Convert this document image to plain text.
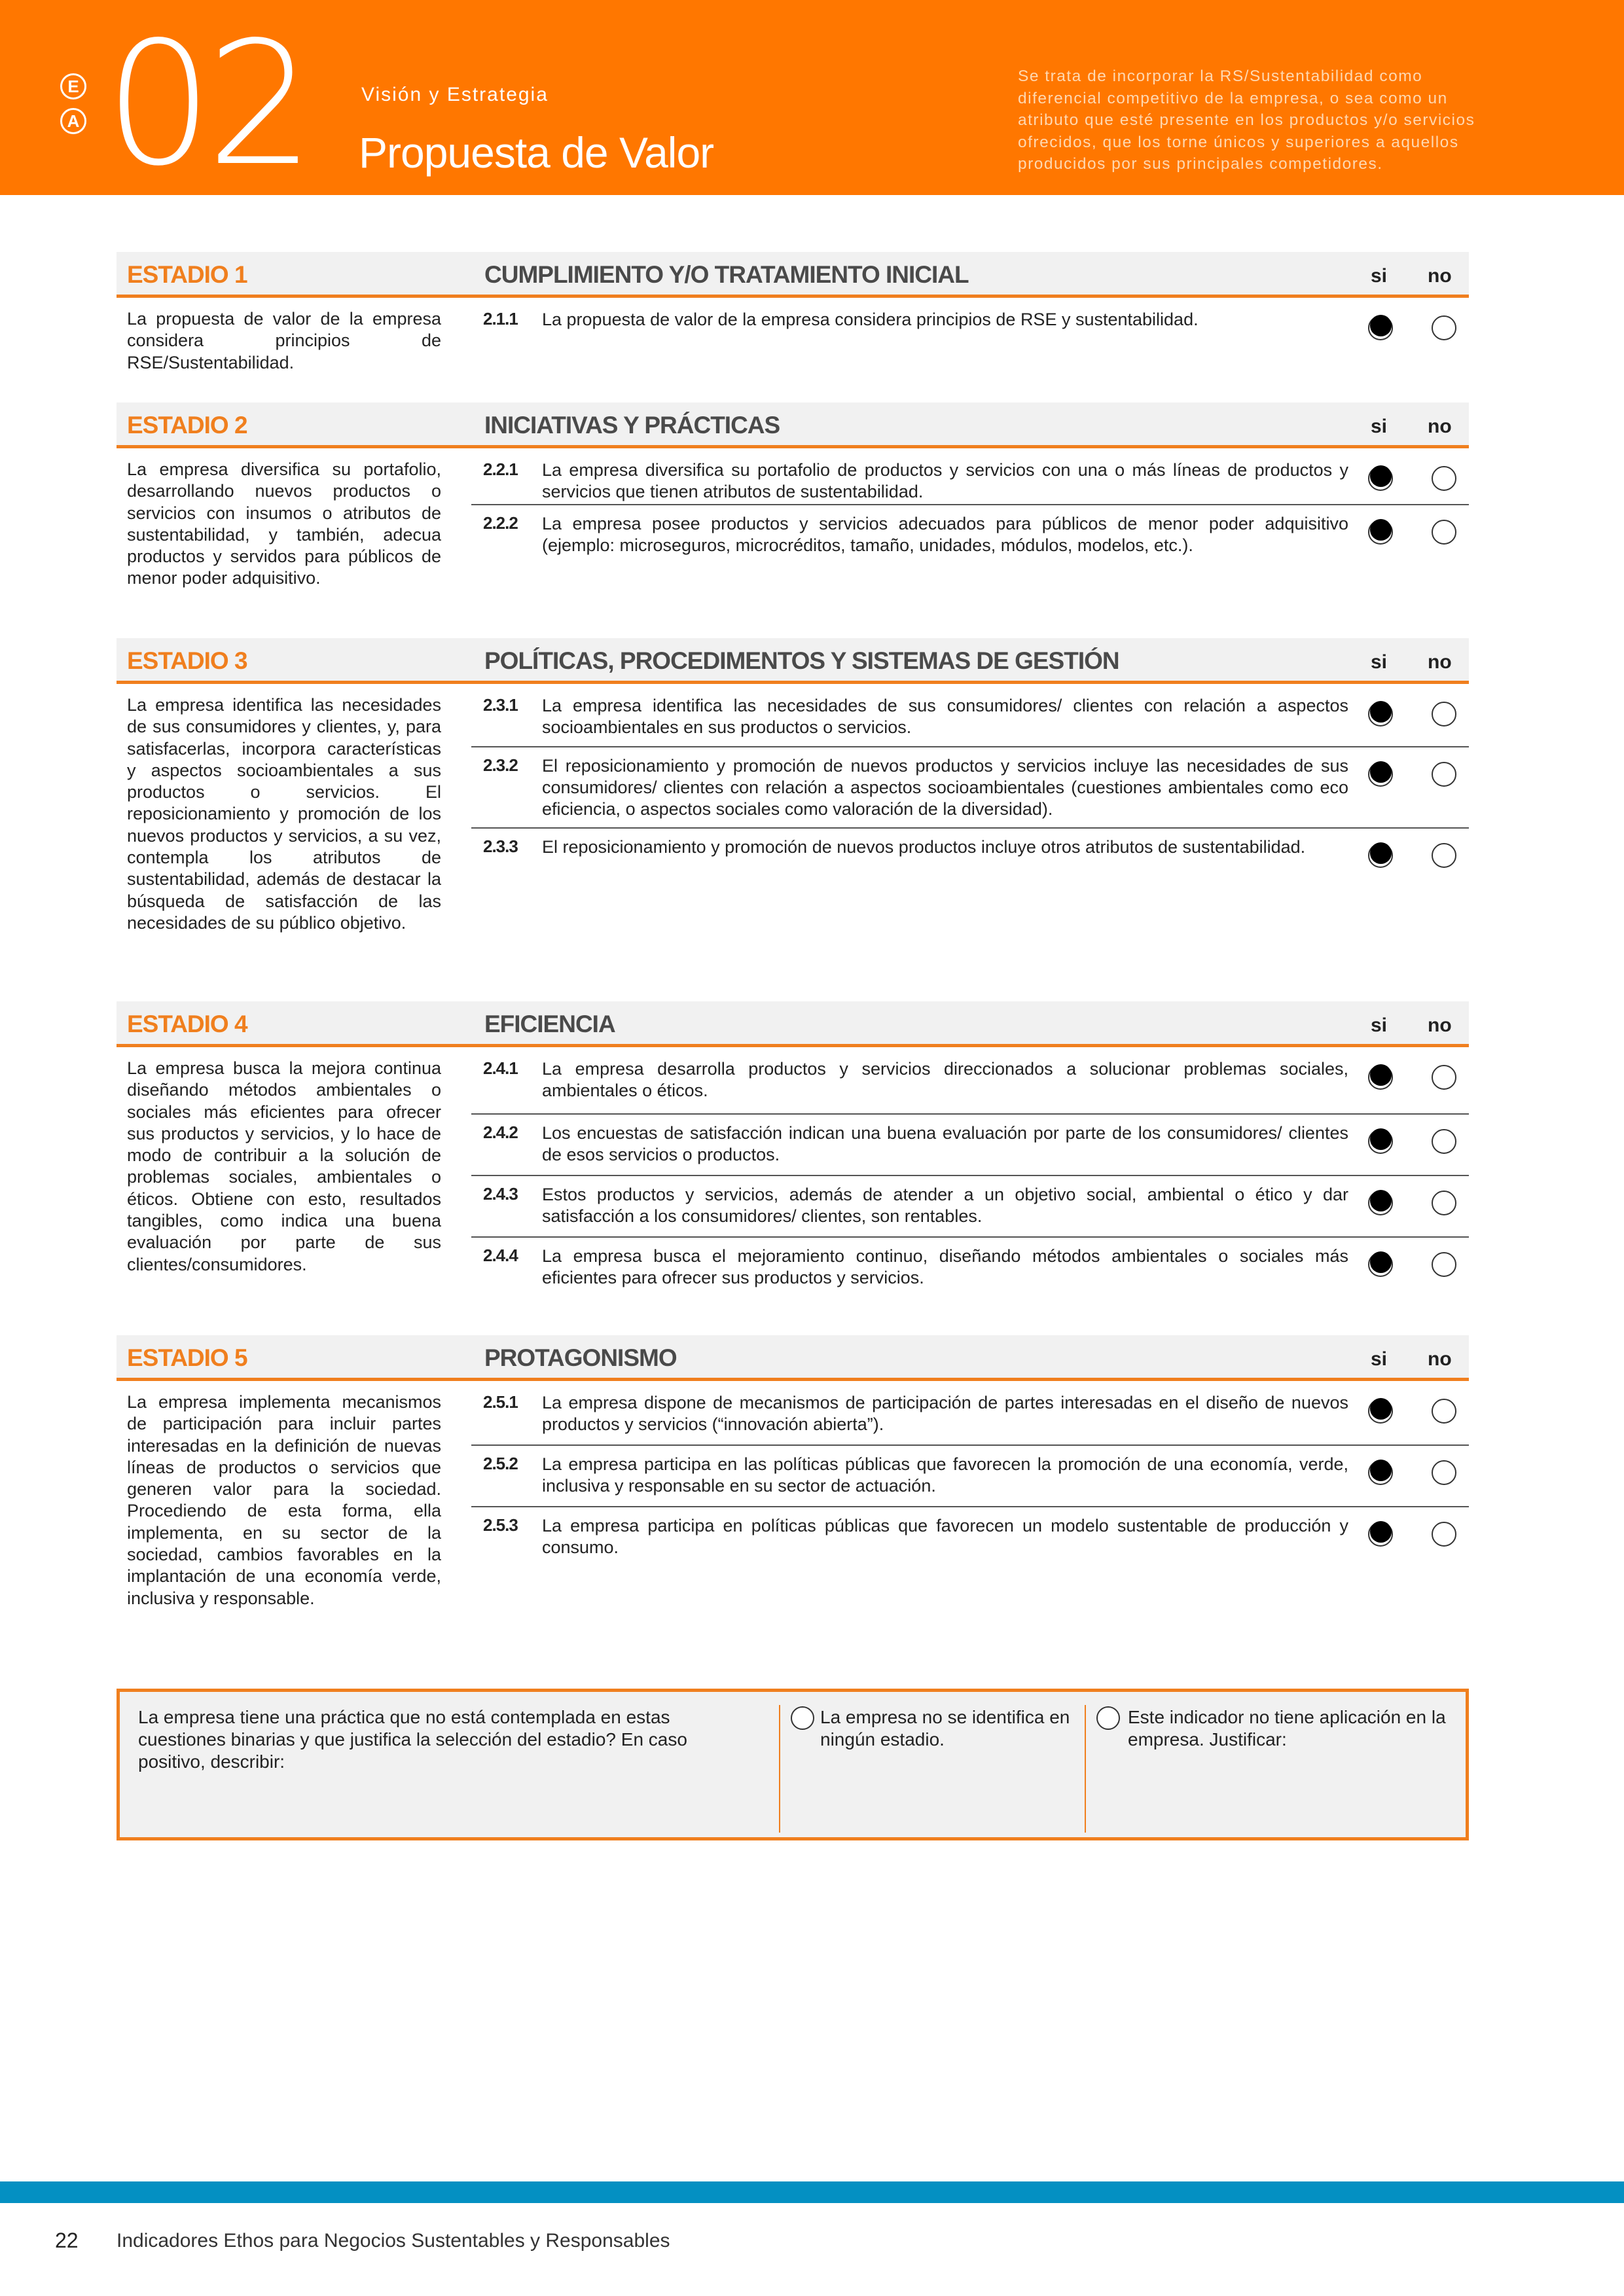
E
A 02	Visión y Estrategia
Propuesta de Valor
Se trata de incorporar la RS/Sustentabilidad como diferencial competitivo de la empresa, o sea como un atributo que esté presente en los productos y/o servicios ofrecidos, que los torne únicos y superiores a aquellos producidos por sus principales competidores.
ESTADIO 1	CUMPLIMIENTO Y/O TRATAMIENTO INICIAL	si no
La propuesta de valor de la empresa considera principios de RSE/Sustentabilidad.
2.1.1 La propuesta de valor de la empresa considera principios de RSE y sustentabilidad.
ESTADIO 2	INICIATIVAS Y PRÁCTICAS	si no
La empresa diversifica su portafolio, desarrollando nuevos productos o servicios con insumos o atributos de sustentabilidad, y también, adecua productos y servidos para públicos de menor poder adquisitivo.
2.2.1 La empresa diversifica su portafolio de productos y servicios con una o más líneas de productos y servicios que tienen atributos de sustentabilidad.
2.2.2 La empresa posee productos y servicios adecuados para públicos de menor poder adquisitivo (ejemplo: microseguros, microcréditos, tamaño, unidades, módulos, modelos, etc.).
ESTADIO 3	POLÍTICAS, PROCEDIMENTOS Y SISTEMAS DE GESTIÓN	si no
La empresa identifica las necesidades de sus consumidores y clientes, y, para satisfacerlas, incorpora características y aspectos socioambientales a sus productos o servicios. El reposicionamiento y promoción de los nuevos productos y servicios, a su vez, contempla los atributos de sustentabilidad, además de destacar la búsqueda de satisfacción de las necesidades de su público objetivo.
2.3.1 La empresa identifica las necesidades de sus consumidores/ clientes con relación a aspectos socioambientales en sus productos o servicios.
2.3.2 El reposicionamiento y promoción de nuevos productos y servicios incluye las necesidades de sus consumidores/ clientes con relación a aspectos socioambientales (cuestiones ambientales como eco eficiencia, o aspectos sociales como valoración de la diversidad).
2.3.3 El reposicionamiento y promoción de nuevos productos incluye otros atributos de sustentabilidad.
ESTADIO 4	EFICIENCIA	si no
La empresa busca la mejora continua diseñando métodos ambientales o sociales más eficientes para ofrecer sus productos y servicios, y lo hace de modo de contribuir a la solución de problemas sociales, ambientales o éticos. Obtiene con esto, resultados tangibles, como indica una buena evaluación por parte de sus clientes/consumidores.
2.4.1 La empresa desarrolla productos y servicios direccionados a solucionar problemas sociales, ambientales o éticos.
2.4.2 Los encuestas de satisfacción indican una buena evaluación por parte de los consumidores/ clientes de esos servicios o productos.
2.4.3 Estos productos y servicios, además de atender a un objetivo social, ambiental o ético y dar satisfacción a los consumidores/ clientes, son rentables.
2.4.4 La empresa busca el mejoramiento continuo, diseñando métodos ambientales o sociales más eficientes para ofrecer sus productos y servicios.
ESTADIO 5	PROTAGONISMO	si no
La empresa implementa mecanismos de participación para incluir partes interesadas en la definición de nuevas líneas de productos o servicios que generen valor para la sociedad. Procediendo de esta forma, ella implementa, en su sector de la sociedad, cambios favorables en la implantación de una economía verde, inclusiva y responsable.
2.5.1 La empresa dispone de mecanismos de participación de partes interesadas en el diseño de nuevos productos y servicios (“innovación abierta”).
2.5.2 La empresa participa en las políticas públicas que favorecen la promoción de una economía, verde, inclusiva y responsable en su sector de actuación.
2.5.3 La empresa participa en políticas públicas que favorecen un modelo sustentable de producción y consumo.
La empresa tiene una práctica que no está contemplada en estas cuestiones binarias y que justifica la selección del estadio? En caso positivo, describir:
La empresa no se identifica en ningún estadio.
Este indicador no tiene aplicación en la empresa. Justificar:
22 Indicadores Ethos para Negocios Sustentables y Responsables
